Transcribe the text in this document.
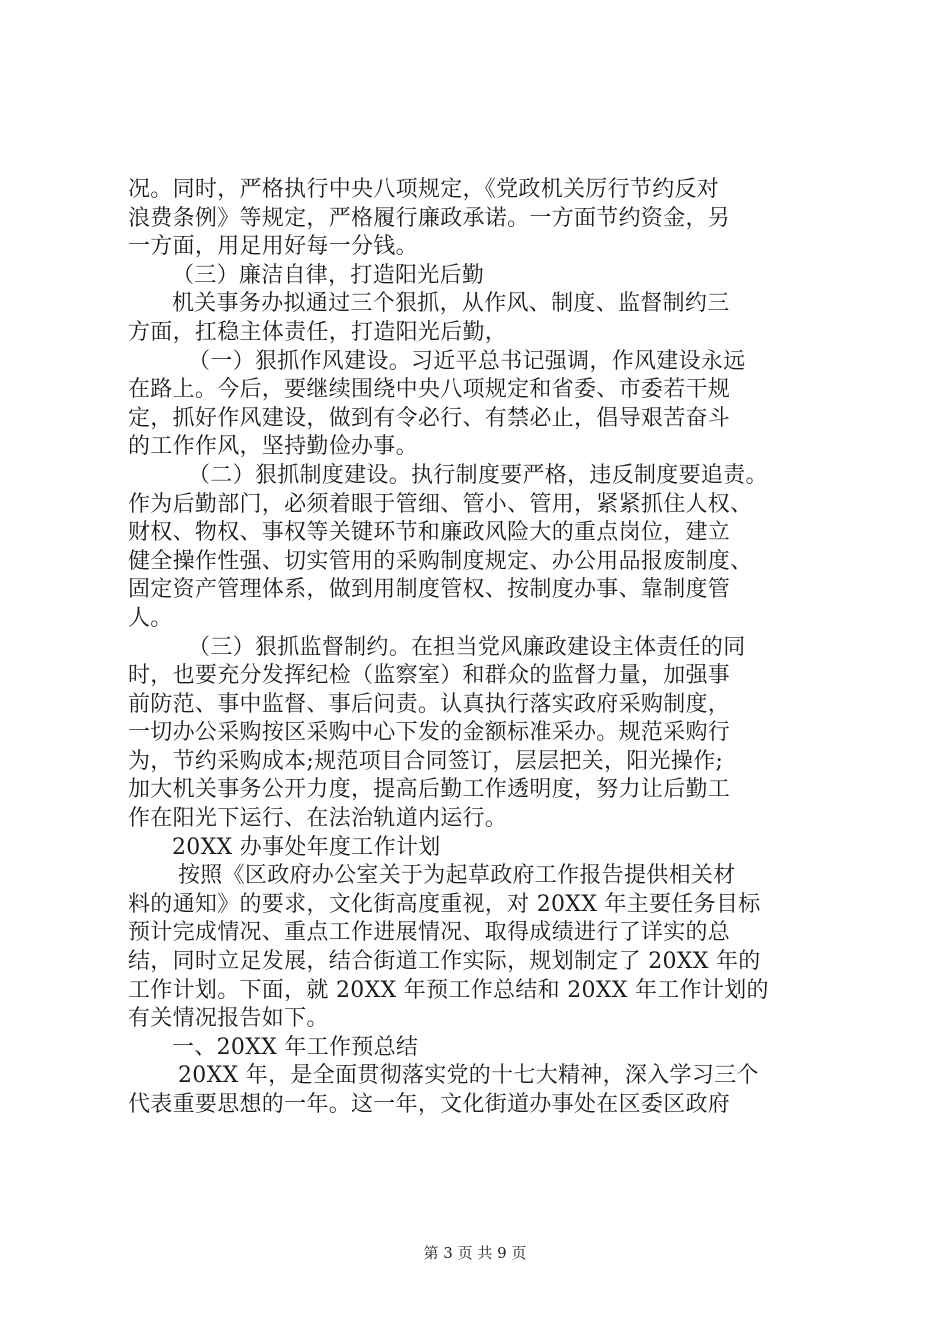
况。同时，严格执行中央八项规定，《党政机关厉行节约反对
浪费条例》等规定，严格履行廉政承诺。一方面节约资金，另
一方面，用足用好每一分钱。
（三）廉洁自律，打造阳光后勤
机关事务办拟通过三个狠抓，从作风、制度、监督制约三
方面，扛稳主体责任，打造阳光后勤，
（一）狠抓作风建设。习近平总书记强调，作风建设永远
在路上。今后，要继续围绕中央八项规定和省委、市委若干规
定，抓好作风建设，做到有令必行、有禁必止，倡导艰苦奋斗
的工作作风，坚持勤俭办事。
（二）狠抓制度建设。执行制度要严格，违反制度要追责。
作为后勤部门，必须着眼于管细、管小、管用，紧紧抓住人权、
财权、物权、事权等关键环节和廉政风险大的重点岗位，建立
健全操作性强、切实管用的采购制度规定、办公用品报废制度、
固定资产管理体系，做到用制度管权、按制度办事、靠制度管
人。
（三）狠抓监督制约。在担当党风廉政建设主体责任的同
时，也要充分发挥纪检（监察室）和群众的监督力量，加强事
前防范、事中监督、事后问责。认真执行落实政府采购制度，
一切办公采购按区采购中心下发的金额标准采办。规范采购行
为，节约采购成本;规范项目合同签订，层层把关，阳光操作;
加大机关事务公开力度，提高后勤工作透明度，努力让后勤工
作在阳光下运行、在法治轨道内运行。
20XX 办事处年度工作计划
按照《区政府办公室关于为起草政府工作报告提供相关材
料的通知》的要求，文化街高度重视，对 20XX 年主要任务目标
预计完成情况、重点工作进展情况、取得成绩进行了详实的总
结，同时立足发展，结合街道工作实际，规划制定了 20XX 年的
工作计划。下面，就 20XX 年预工作总结和 20XX 年工作计划的
有关情况报告如下。
一、20XX 年工作预总结
20XX 年，是全面贯彻落实党的十七大精神，深入学习三个
代表重要思想的一年。这一年，文化街道办事处在区委区政府
第 3 页 共 9 页
